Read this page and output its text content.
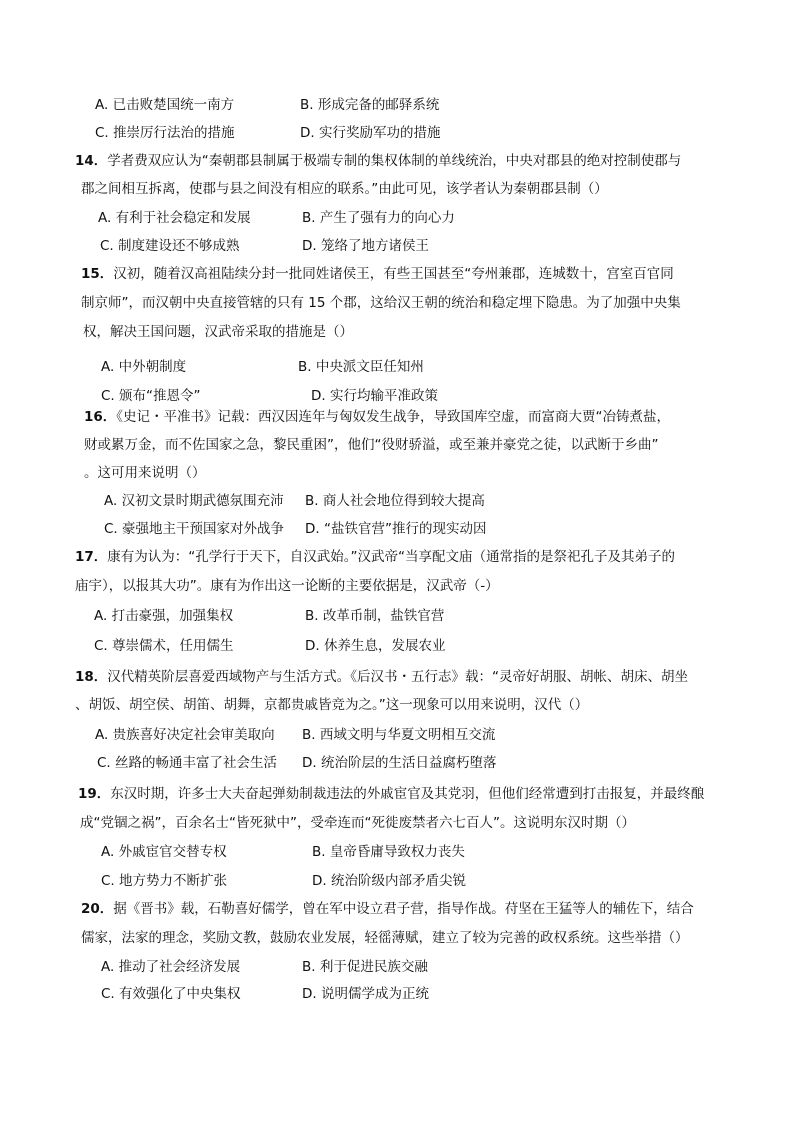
A. 已击败楚国统一南方	B. 形成完备的邮驿系统
C. 推崇厉行法治的措施	D. 实行奖励军功的措施
14．学者费双应认为“秦朝郡县制属于极端专制的集权体制的单线统治，中央对郡县的绝对控制使郡与
郡之间相互拆离，使郡与县之间没有相应的联系。”由此可见，该学者认为秦朝郡县制（）
A. 有利于社会稳定和发展	B. 产生了强有力的向心力
C. 制度建设还不够成熟	D. 笼络了地方诸侯王
15．汉初，随着汉高祖陆续分封一批同姓诸侯王，有些王国甚至“夸州兼郡，连城数十，宫室百官同
制京师”，而汉朝中央直接管辖的只有 15 个郡，这给汉王朝的统治和稳定埋下隐患。为了加强中央集
权，解决王国问题，汉武帝采取的措施是（）
A. 中外朝制度	B. 中央派文臣任知州
C. 颁布“推恩令”	D. 实行均输平准政策
16．《史记・平准书》记载：西汉因连年与匈奴发生战争，导致国库空虚，而富商大贾“冶铸煮盐，
财或累万金，而不佐国家之急，黎民重困”，他们“役财骄溢，或至兼并豪党之徒，以武断于乡曲”
。这可用来说明（）
A. 汉初文景时期武德氛围充沛 B. 商人社会地位得到较大提高
C. 豪强地主干预国家对外战争 D. “盐铁官营”推行的现实动因
17．康有为认为：“孔学行于天下，自汉武始。”汉武帝“当享配文庙（通常指的是祭祀孔子及其弟子的
庙宇），以报其大功”。康有为作出这一论断的主要依据是，汉武帝（-）
A. 打击豪强，加强集权	B. 改革币制，盐铁官营
C. 尊崇儒术，任用儒生	D. 休养生息，发展农业
18．汉代精英阶层喜爱西域物产与生活方式。《后汉书・五行志》载：“灵帝好胡服、胡帐、胡床、胡坐
、胡饭、胡空侯、胡笛、胡舞，京都贵戚皆竞为之。”这一现象可以用来说明，汉代（）
A. 贵族喜好决定社会审美取向 B. 西域文明与华夏文明相互交流
C. 丝路的畅通丰富了社会生活 D. 统治阶层的生活日益腐朽堕落
19．东汉时期，许多士大夫奋起弹劾制裁违法的外戚宦官及其党羽，但他们经常遭到打击报复，并最终酿
成“党锢之祸”，百余名士“皆死狱中”，受牵连而“死徙废禁者六七百人”。这说明东汉时期（）
A. 外戚宦官交替专权	B. 皇帝昏庸导致权力丧失
C. 地方势力不断扩张	D. 统治阶级内部矛盾尖锐
20．据《晋书》载，石勒喜好儒学，曾在军中设立君子营，指导作战。苻坚在王猛等人的辅佐下，结合
儒家，法家的理念，奖励文教，鼓励农业发展，轻徭薄赋，建立了较为完善的政权系统。这些举措（）
A. 推动了社会经济发展	B. 利于促进民族交融
C. 有效强化了中央集权	D. 说明儒学成为正统
